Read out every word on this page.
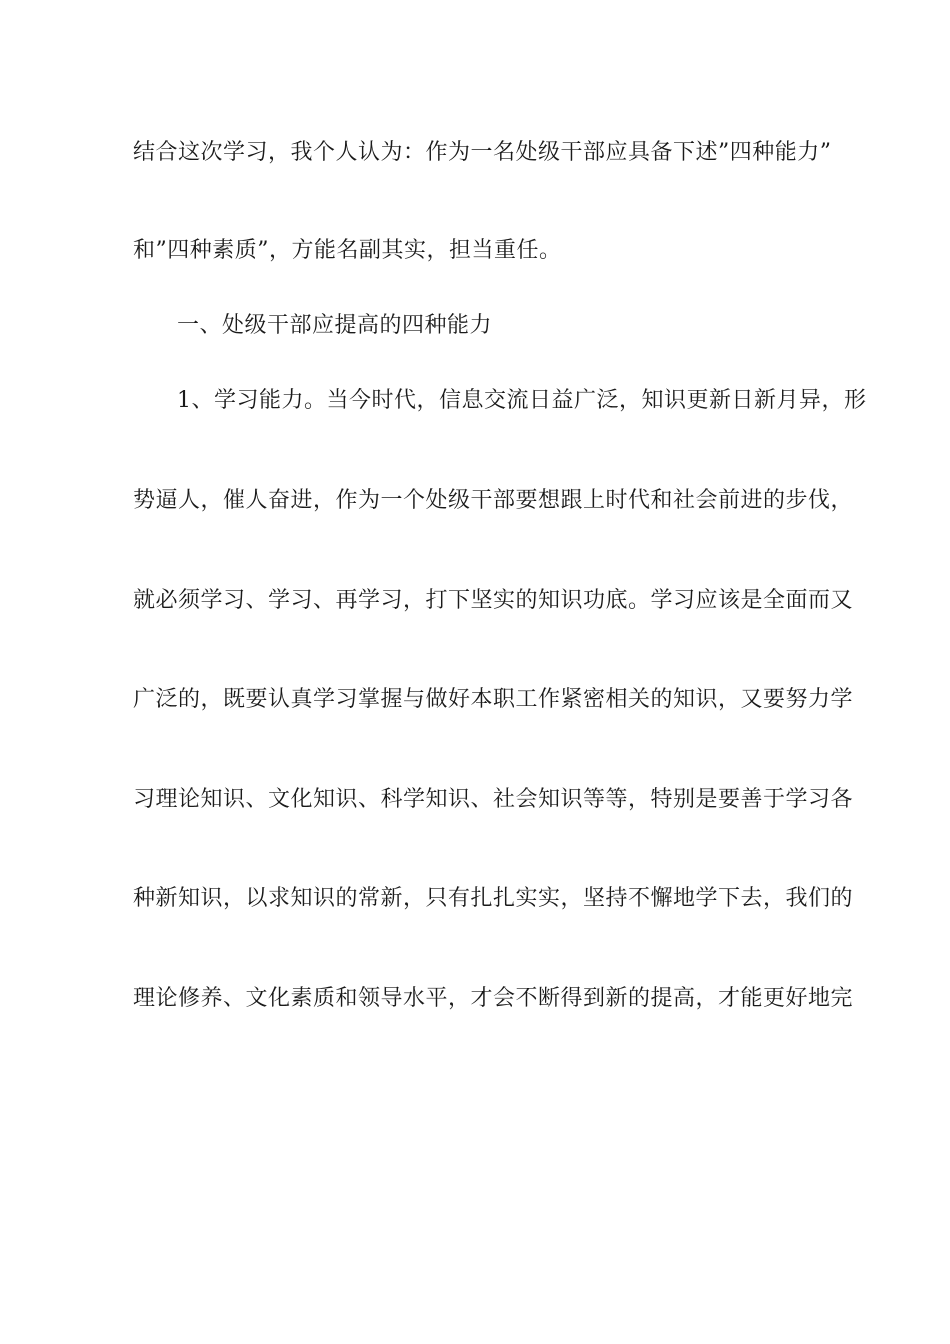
结合这次学习，我个人认为：作为一名处级干部应具备下述”四种能力”
和”四种素质”，方能名副其实，担当重任。
一、处级干部应提高的四种能力
1、学习能力。当今时代，信息交流日益广泛，知识更新日新月异，形
势逼人，催人奋进，作为一个处级干部要想跟上时代和社会前进的步伐，
就必须学习、学习、再学习，打下坚实的知识功底。学习应该是全面而又
广泛的，既要认真学习掌握与做好本职工作紧密相关的知识，又要努力学
习理论知识、文化知识、科学知识、社会知识等等，特别是要善于学习各
种新知识，以求知识的常新，只有扎扎实实，坚持不懈地学下去，我们的
理论修养、文化素质和领导水平，才会不断得到新的提高，才能更好地完
